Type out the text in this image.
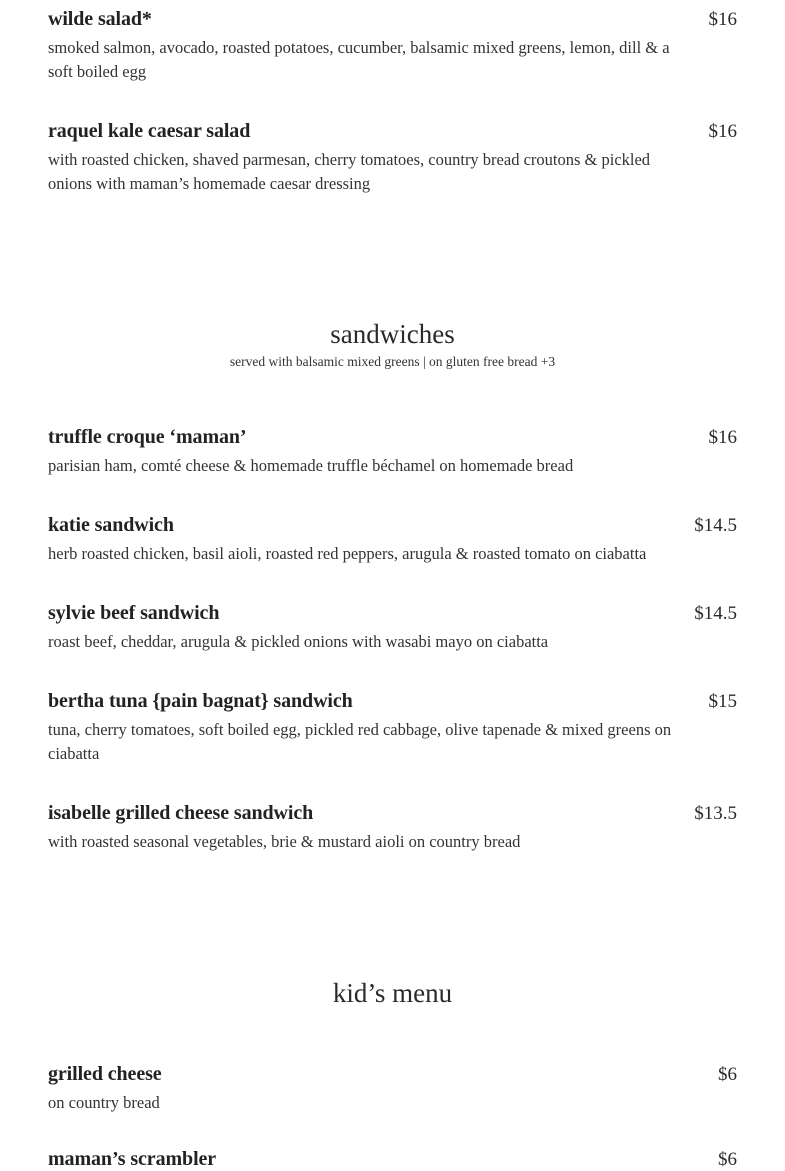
wilde salad*	$16
smoked salmon, avocado, roasted potatoes, cucumber, balsamic mixed greens, lemon, dill & a soft boiled egg
raquel kale caesar salad	$16
with roasted chicken, shaved parmesan, cherry tomatoes, country bread croutons & pickled onions with maman’s homemade caesar dressing
sandwiches
served with balsamic mixed greens | on gluten free bread +3
truffle croque ‘maman’	$16
parisian ham, comté cheese & homemade truffle béchamel on homemade bread
katie sandwich	$14.5
herb roasted chicken, basil aioli, roasted red peppers, arugula & roasted tomato on ciabatta
sylvie beef sandwich	$14.5
roast beef, cheddar, arugula & pickled onions with wasabi mayo on ciabatta
bertha tuna {pain bagnat} sandwich	$15
tuna, cherry tomatoes, soft boiled egg, pickled red cabbage, olive tapenade & mixed greens on ciabatta
isabelle grilled cheese sandwich	$13.5
with roasted seasonal vegetables, brie & mustard aioli on country bread
kid’s menu
grilled cheese	$6
on country bread
maman’s scrambler	$6
